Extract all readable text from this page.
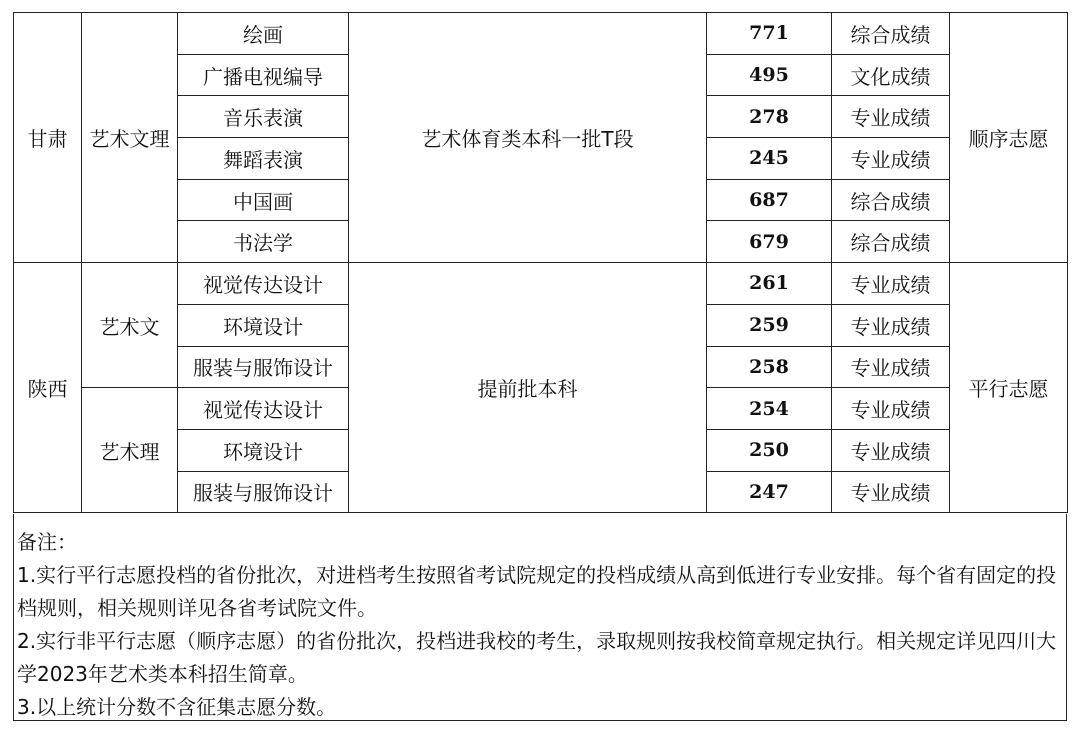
甘肃	艺术文理	绘画	艺术体育类本科一批T段	771	综合成绩	顺序志愿
		广播电视编导		495	文化成绩	
		音乐表演		278	专业成绩	
		舞蹈表演		245	专业成绩	
		中国画		687	综合成绩	
		书法学		679	综合成绩	
陕西	艺术文	视觉传达设计	提前批本科	261	专业成绩	平行志愿
		环境设计		259	专业成绩	
		服装与服饰设计		258	专业成绩	
	艺术理	视觉传达设计		254	专业成绩	
		环境设计		250	专业成绩	
		服装与服饰设计		247	专业成绩	

备注：

1.实行平行志愿投档的省份批次，对进档考生按照省考试院规定的投档成绩从高到低进行专业安排。每个省有固定的投档规则，相关规则详见各省考试院文件。

2.实行非平行志愿（顺序志愿）的省份批次，投档进我校的考生，录取规则按我校简章规定执行。相关规定详见四川大学2023年艺术类本科招生简章。

3.以上统计分数不含征集志愿分数。
